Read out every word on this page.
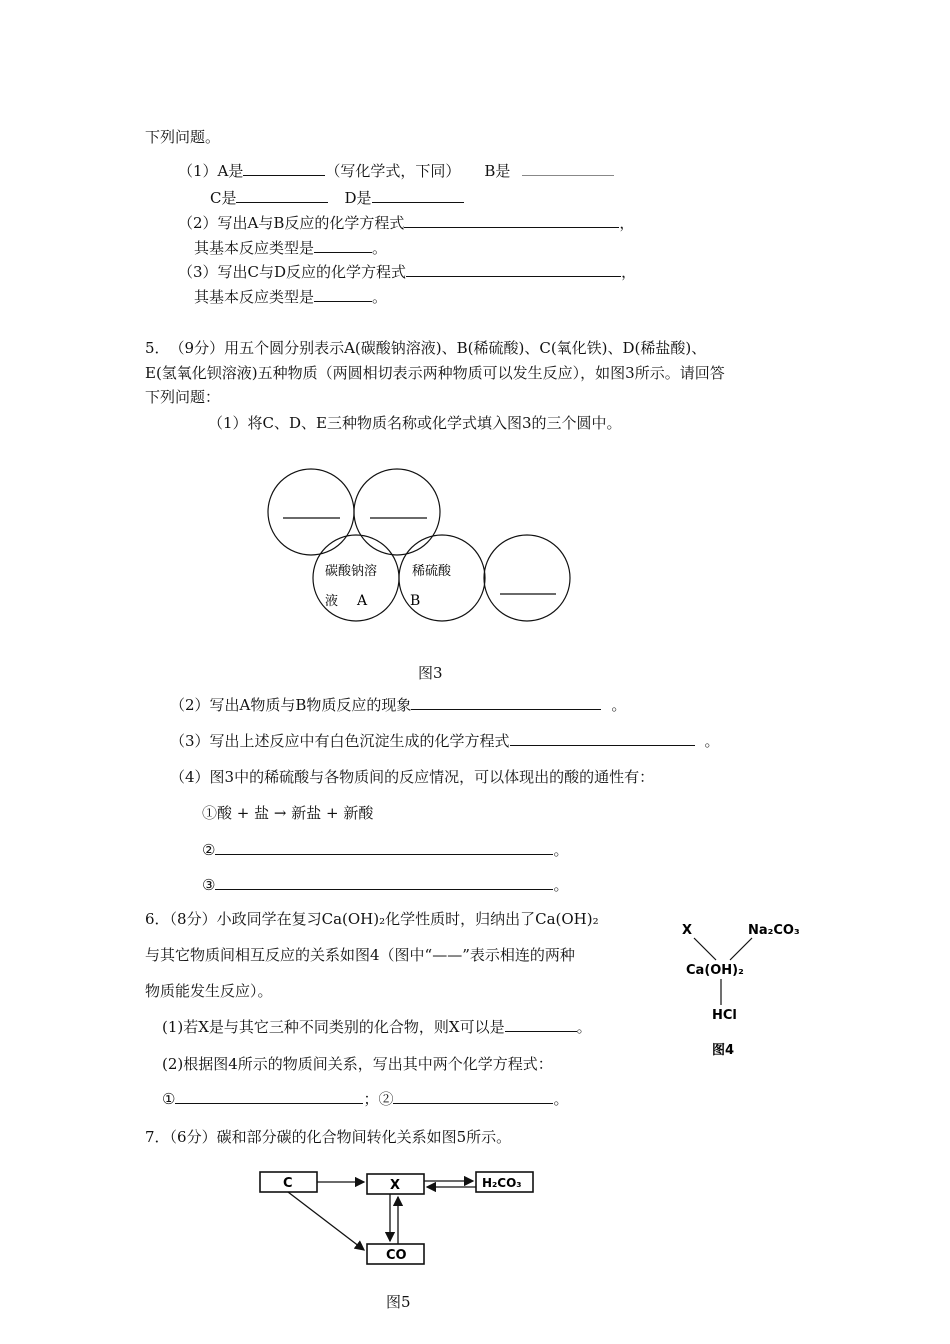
下列问题。
（1）A是	（写化学式，下同） B是
C是	D是
（2）写出A与B反应的化学方程式	，
其基本反应类型是	。
（3）写出C与D反应的化学方程式	，
其基本反应类型是	。
5．　（9分）用五个圆分别表示A(碳酸钠溶液)、B(稀硫酸)、C(氧化铁)、D(稀盐酸)、
E(氢氧化钡溶液)五种物质（两圆相切表示两种物质可以发生反应），如图3所示。请回答
下列问题：
（1）将C、D、E三种物质名称或化学式填入图3的三个圆中。
碳酸钠溶
液 A
稀硫酸
B
图3
（2）写出A物质与B物质反应的现象	。
（3）写出上述反应中有白色沉淀生成的化学方程式	。
（4）图3中的稀硫酸与各物质间的反应情况，可以体现出的酸的通性有：
①酸 + 盐 → 新盐 + 新酸
②	。
③	。
6．（8分）小政同学在复习Ca(OH)₂化学性质时，归纳出了Ca(OH)₂
与其它物质间相互反应的关系如图4（图中“——”表示相连的两种
物质能发生反应）。
(1)若X是与其它三种不同类别的化合物，则X可以是	。
(2)根据图4所示的物质间关系，写出其中两个化学方程式：
①	；②	。
X	Na₂CO₃
Ca(OH)₂
HCl
图4
7．（6分）碳和部分碳的化合物间转化关系如图5所示。
C	X	H₂CO₃
CO
图5
